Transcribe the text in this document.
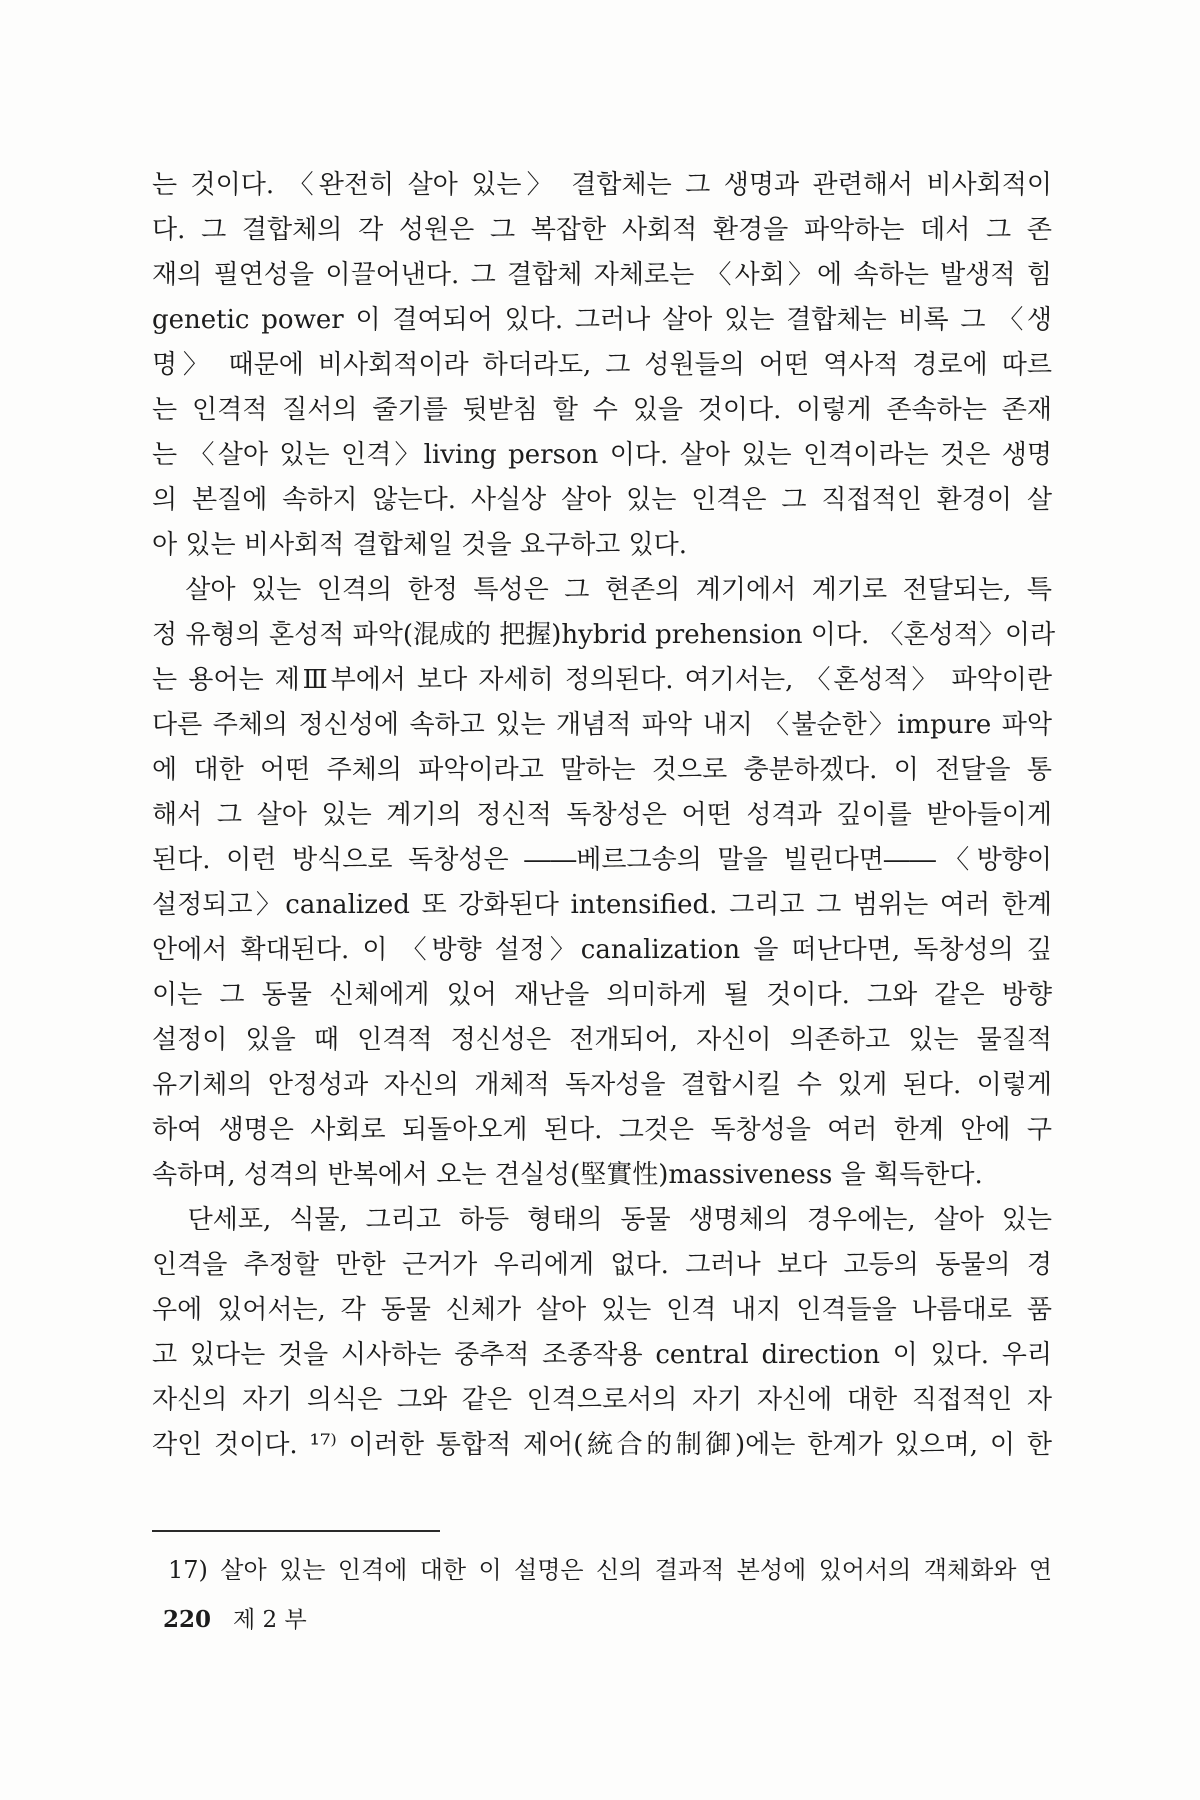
는 것이다. 〈완전히 살아 있는〉 결합체는 그 생명과 관련해서 비사회적이
다. 그 결합체의 각 성원은 그 복잡한 사회적 환경을 파악하는 데서 그 존
재의 필연성을 이끌어낸다. 그 결합체 자체로는 〈사회〉에 속하는 발생적 힘
genetic power 이 결여되어 있다. 그러나 살아 있는 결합체는 비록 그 〈생
명〉 때문에 비사회적이라 하더라도, 그 성원들의 어떤 역사적 경로에 따르
는 인격적 질서의 줄기를 뒷받침 할 수 있을 것이다. 이렇게 존속하는 존재
는 〈살아 있는 인격〉living person 이다. 살아 있는 인격이라는 것은 생명
의 본질에 속하지 않는다. 사실상 살아 있는 인격은 그 직접적인 환경이 살
아 있는 비사회적 결합체일 것을 요구하고 있다.
　살아 있는 인격의 한정 특성은 그 현존의 계기에서 계기로 전달되는, 특
정 유형의 혼성적 파악(混成的 把握)hybrid prehension 이다. 〈혼성적〉이라
는 용어는 제Ⅲ부에서 보다 자세히 정의된다. 여기서는, 〈혼성적〉 파악이란
다른 주체의 정신성에 속하고 있는 개념적 파악 내지 〈불순한〉impure 파악
에 대한 어떤 주체의 파악이라고 말하는 것으로 충분하겠다. 이 전달을 통
해서 그 살아 있는 계기의 정신적 독창성은 어떤 성격과 깊이를 받아들이게
된다. 이런 방식으로 독창성은 ――베르그송의 말을 빌린다면――〈방향이
설정되고〉canalized 또 강화된다 intensified. 그리고 그 범위는 여러 한계
안에서 확대된다. 이 〈방향 설정〉canalization 을 떠난다면, 독창성의 깊
이는 그 동물 신체에게 있어 재난을 의미하게 될 것이다. 그와 같은 방향
설정이 있을 때 인격적 정신성은 전개되어, 자신이 의존하고 있는 물질적
유기체의 안정성과 자신의 개체적 독자성을 결합시킬 수 있게 된다. 이렇게
하여 생명은 사회로 되돌아오게 된다. 그것은 독창성을 여러 한계 안에 구
속하며, 성격의 반복에서 오는 견실성(堅實性)massiveness 을 획득한다.
　단세포, 식물, 그리고 하등 형태의 동물 생명체의 경우에는, 살아 있는
인격을 추정할 만한 근거가 우리에게 없다. 그러나 보다 고등의 동물의 경
우에 있어서는, 각 동물 신체가 살아 있는 인격 내지 인격들을 나름대로 품
고 있다는 것을 시사하는 중추적 조종작용 central direction 이 있다. 우리
자신의 자기 의식은 그와 같은 인격으로서의 자기 자신에 대한 직접적인 자
각인 것이다. ¹⁷⁾ 이러한 통합적 제어(統合的制御)에는 한계가 있으며, 이 한
17) 살아 있는 인격에 대한 이 설명은 신의 결과적 본성에 있어서의 객체화와 연
220 제 2 부
